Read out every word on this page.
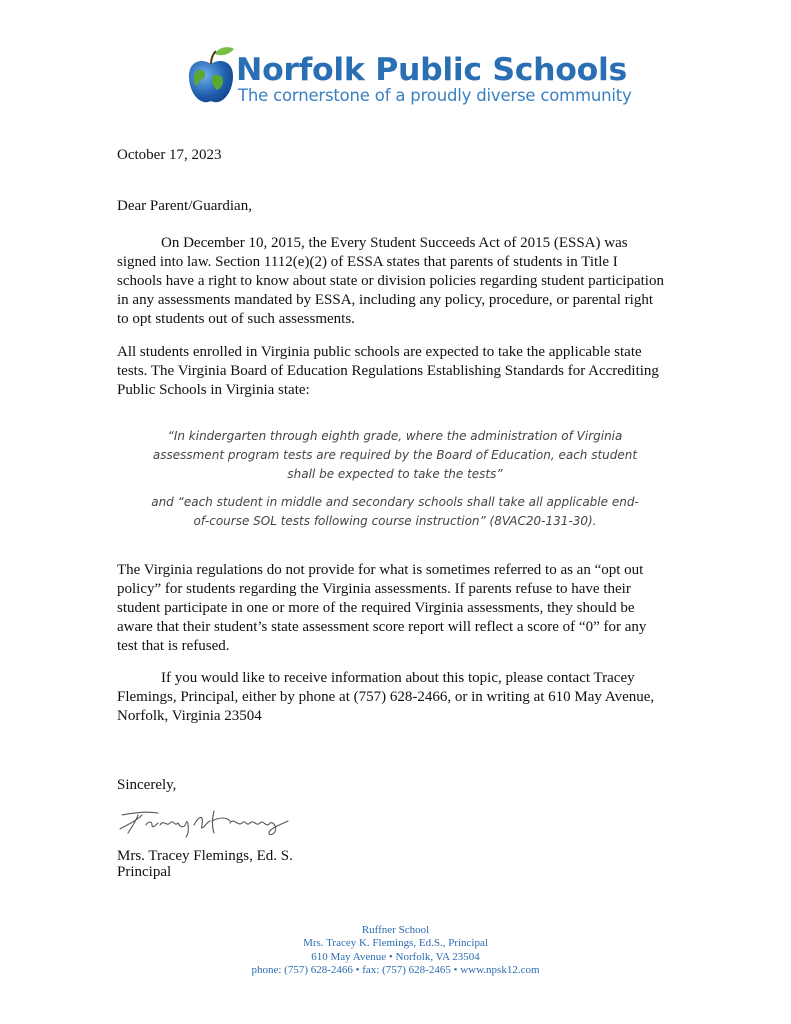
Norfolk Public Schools
The cornerstone of a proudly diverse community

October 17, 2023

Dear Parent/Guardian,

On December 10, 2015, the Every Student Succeeds Act of 2015 (ESSA) was signed into law. Section 1112(e)(2) of ESSA states that parents of students in Title I schools have a right to know about state or division policies regarding student participation in any assessments mandated by ESSA, including any policy, procedure, or parental right to opt students out of such assessments.

All students enrolled in Virginia public schools are expected to take the applicable state tests. The Virginia Board of Education Regulations Establishing Standards for Accrediting Public Schools in Virginia state:

“In kindergarten through eighth grade, where the administration of Virginia assessment program tests are required by the Board of Education, each student shall be expected to take the tests”

and “each student in middle and secondary schools shall take all applicable end-of-course SOL tests following course instruction” (8VAC20-131-30).

The Virginia regulations do not provide for what is sometimes referred to as an “opt out policy” for students regarding the Virginia assessments. If parents refuse to have their student participate in one or more of the required Virginia assessments, they should be aware that their student’s state assessment score report will reflect a score of “0” for any test that is refused.

If you would like to receive information about this topic, please contact Tracey Flemings, Principal, either by phone at (757) 628-2466, or in writing at 610 May Avenue, Norfolk, Virginia 23504

Sincerely,

Mrs. Tracey Flemings, Ed. S.

Principal

Ruffner School
Mrs. Tracey K. Flemings, Ed.S., Principal
610 May Avenue • Norfolk, VA 23504
phone: (757) 628-2466 • fax: (757) 628-2465 • www.npsk12.com
